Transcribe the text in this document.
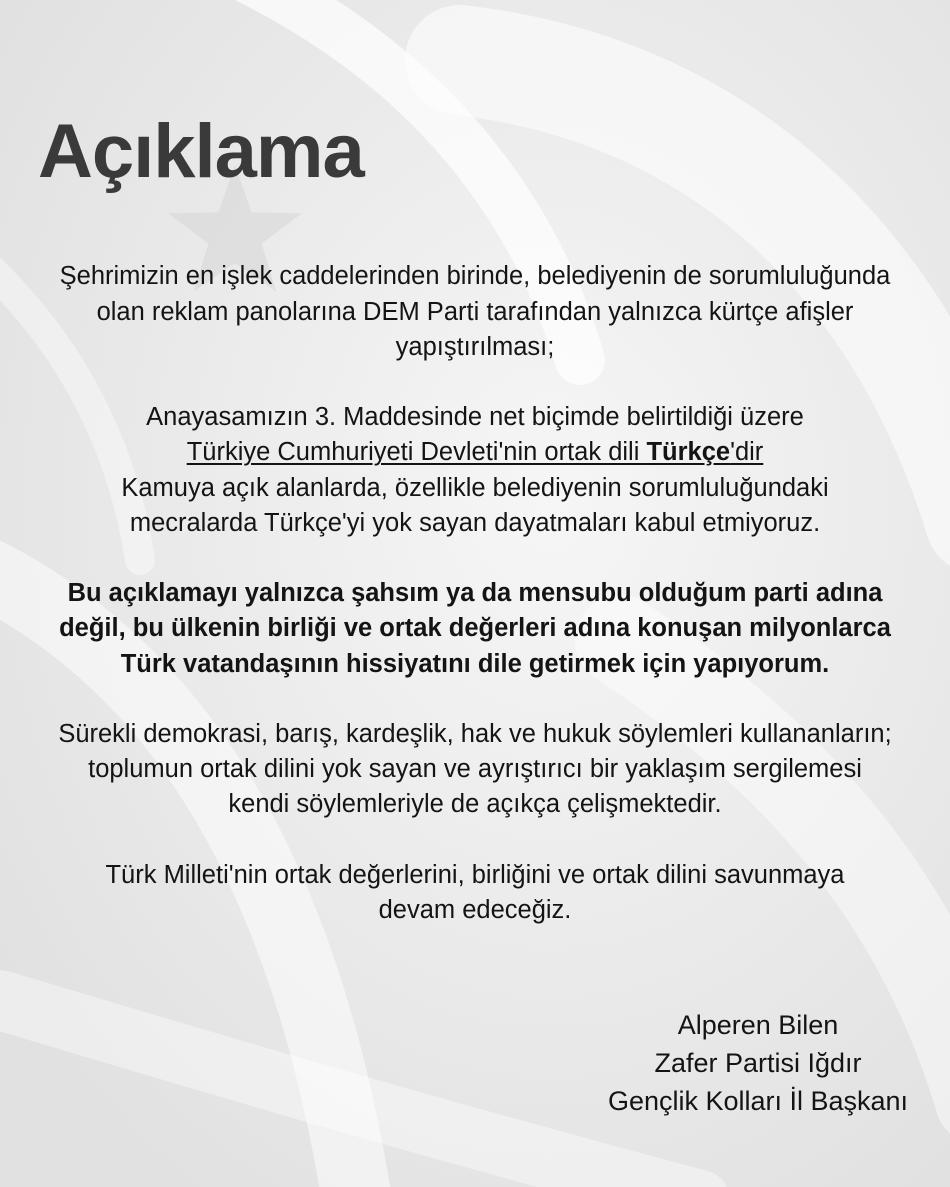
Açıklama
Şehrimizin en işlek caddelerinden birinde, belediyenin de sorumluluğunda
olan reklam panolarına DEM Parti tarafından yalnızca kürtçe afişler
yapıştırılması;
Anayasamızın 3. Maddesinde net biçimde belirtildiği üzere
Türkiye Cumhuriyeti Devleti'nin ortak dili Türkçe'dir
Kamuya açık alanlarda, özellikle belediyenin sorumluluğundaki
mecralarda Türkçe'yi yok sayan dayatmaları kabul etmiyoruz.
Bu açıklamayı yalnızca şahsım ya da mensubu olduğum parti adına
değil, bu ülkenin birliği ve ortak değerleri adına konuşan milyonlarca
Türk vatandaşının hissiyatını dile getirmek için yapıyorum.
Sürekli demokrasi, barış, kardeşlik, hak ve hukuk söylemleri kullananların;
toplumun ortak dilini yok sayan ve ayrıştırıcı bir yaklaşım sergilemesi
kendi söylemleriyle de açıkça çelişmektedir.
Türk Milleti'nin ortak değerlerini, birliğini ve ortak dilini savunmaya
devam edeceğiz.
Alperen Bilen
Zafer Partisi Iğdır
Gençlik Kolları İl Başkanı
